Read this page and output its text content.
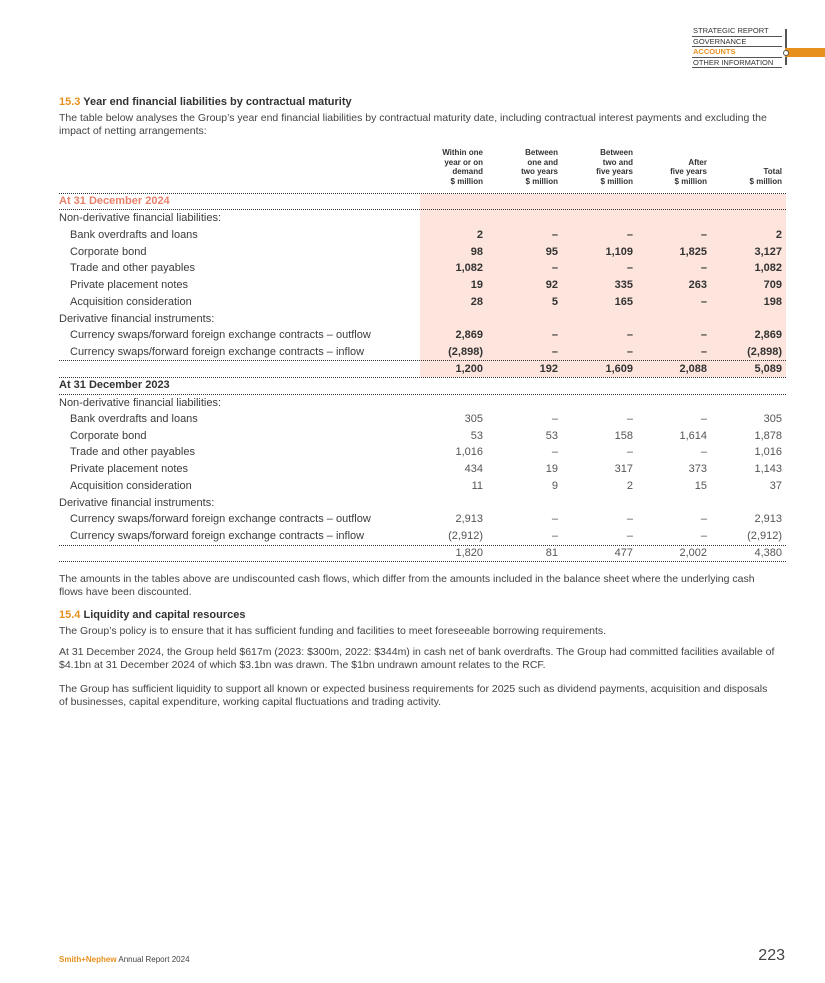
STRATEGIC REPORT
GOVERNANCE
ACCOUNTS
OTHER INFORMATION
15.3 Year end financial liabilities by contractual maturity
The table below analyses the Group’s year end financial liabilities by contractual maturity date, including contractual interest payments and excluding the impact of netting arrangements:
Within one
year or on
demand
$ million
Between
one and
two years
$ million
Between
two and
five years
$ million
After
five years
$ million
Total
$ million
At 31 December 2024
Non-derivative financial liabilities:
Bank overdrafts and loans	2	–	–	–	2
Corporate bond	98	95	1,109	1,825	3,127
Trade and other payables	1,082	–	–	–	1,082
Private placement notes	19	92	335	263	709
Acquisition consideration	28	5	165	–	198
Derivative financial instruments:
Currency swaps/forward foreign exchange contracts – outflow	2,869	–	–	–	2,869
Currency swaps/forward foreign exchange contracts – inflow	(2,898)	–	–	–	(2,898)
1,200	192	1,609	2,088	5,089
At 31 December 2023
Non-derivative financial liabilities:
Bank overdrafts and loans	305	–	–	–	305
Corporate bond	53	53	158	1,614	1,878
Trade and other payables	1,016	–	–	–	1,016
Private placement notes	434	19	317	373	1,143
Acquisition consideration	11	9	2	15	37
Derivative financial instruments:
Currency swaps/forward foreign exchange contracts – outflow	2,913	–	–	–	2,913
Currency swaps/forward foreign exchange contracts – inflow	(2,912)	–	–	–	(2,912)
1,820	81	477	2,002	4,380
The amounts in the tables above are undiscounted cash flows, which differ from the amounts included in the balance sheet where the underlying cash flows have been discounted.
15.4 Liquidity and capital resources
The Group’s policy is to ensure that it has sufficient funding and facilities to meet foreseeable borrowing requirements.
At 31 December 2024, the Group held $617m (2023: $300m, 2022: $344m) in cash net of bank overdrafts. The Group had committed facilities available of $4.1bn at 31 December 2024 of which $3.1bn was drawn. The $1bn undrawn amount relates to the RCF.
The Group has sufficient liquidity to support all known or expected business requirements for 2025 such as dividend payments, acquisition and disposals of businesses, capital expenditure, working capital fluctuations and trading activity.
Smith+Nephew Annual Report 2024	223
